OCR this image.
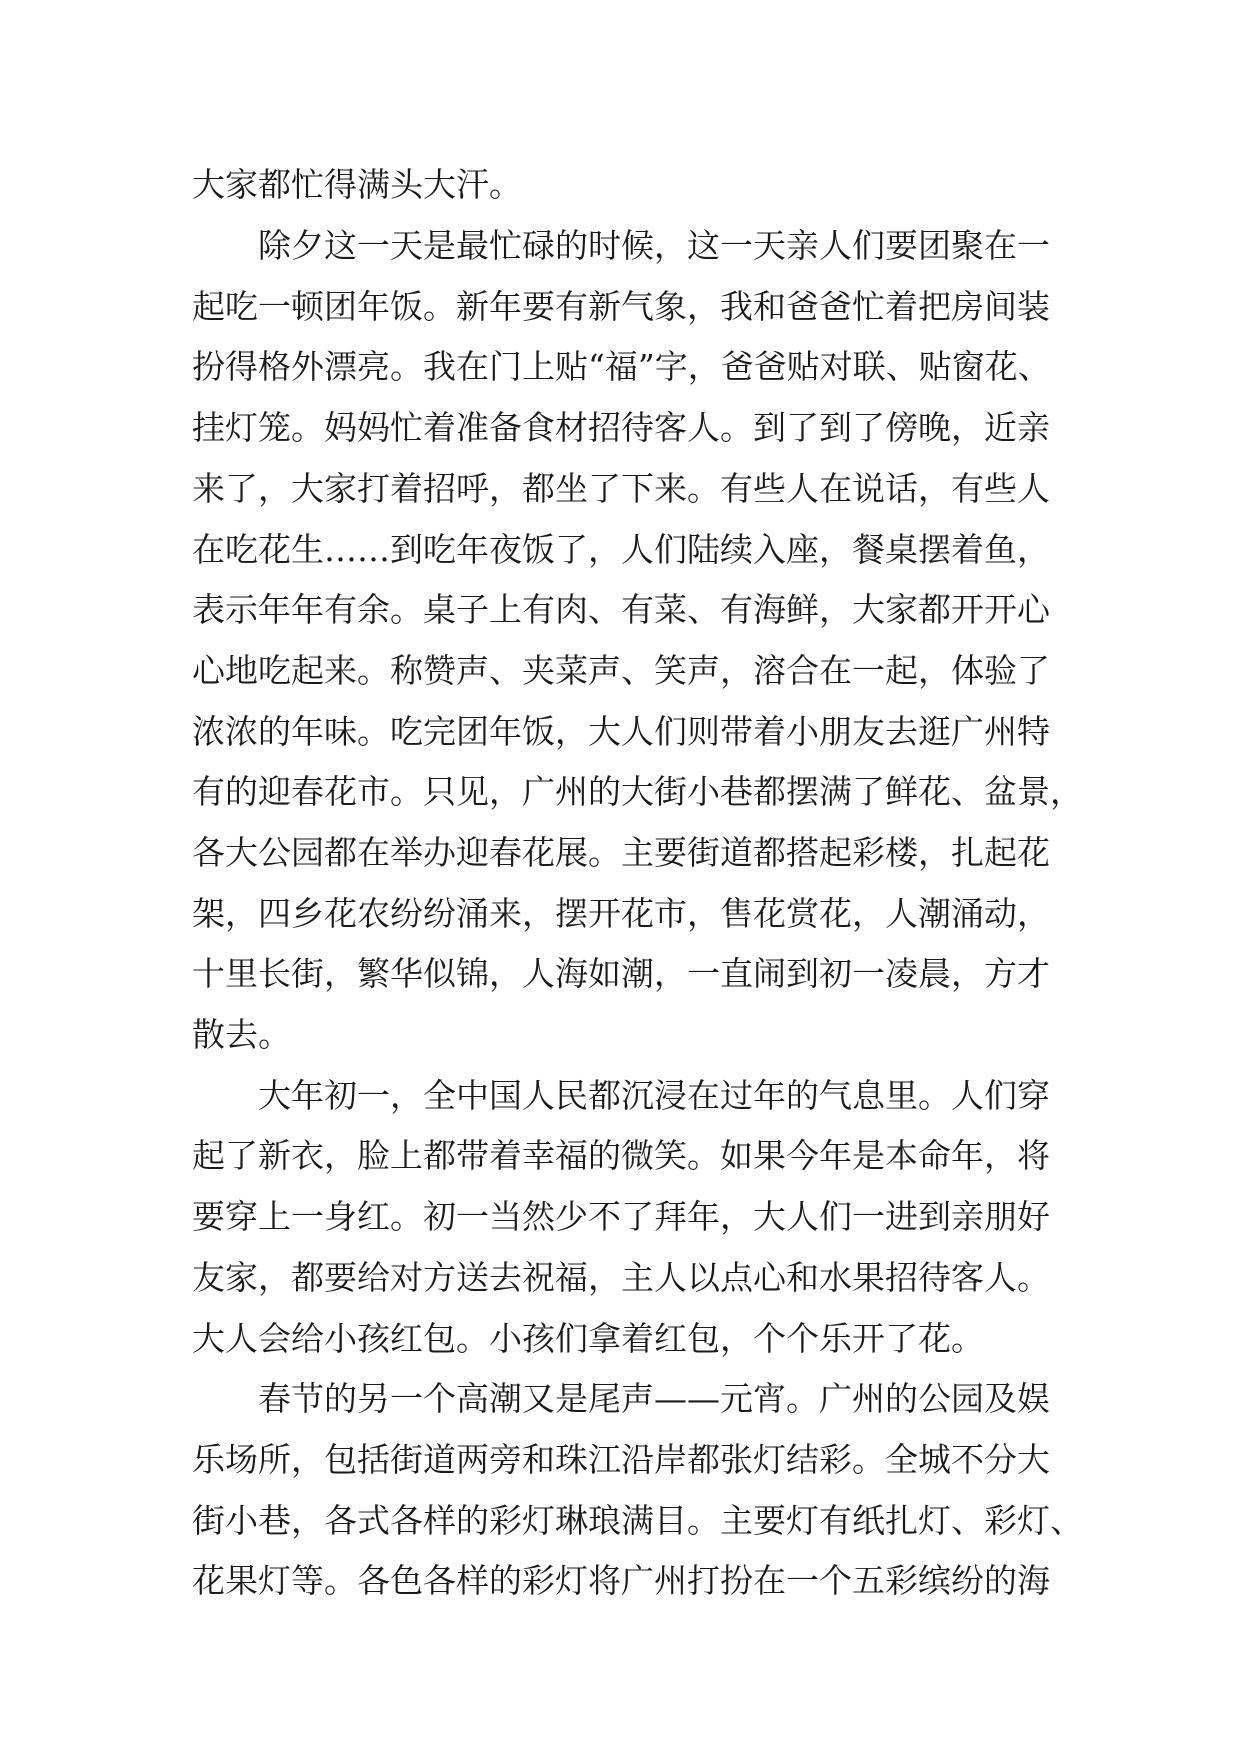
大家都忙得满头大汗。

除夕这一天是最忙碌的时候，这一天亲人们要团聚在一

起吃一顿团年饭。新年要有新气象，我和爸爸忙着把房间装

扮得格外漂亮。我在门上贴“福”字，爸爸贴对联、贴窗花、

挂灯笼。妈妈忙着准备食材招待客人。到了到了傍晚，近亲

来了，大家打着招呼，都坐了下来。有些人在说话，有些人

在吃花生……到吃年夜饭了，人们陆续入座，餐桌摆着鱼，

表示年年有余。桌子上有肉、有菜、有海鲜，大家都开开心

心地吃起来。称赞声、夹菜声、笑声，溶合在一起，体验了

浓浓的年味。吃完团年饭，大人们则带着小朋友去逛广州特

有的迎春花市。只见，广州的大街小巷都摆满了鲜花、盆景，

各大公园都在举办迎春花展。主要街道都搭起彩楼，扎起花

架，四乡花农纷纷涌来，摆开花市，售花赏花，人潮涌动，

十里长街，繁华似锦，人海如潮，一直闹到初一凌晨，方才

散去。

大年初一，全中国人民都沉浸在过年的气息里。人们穿

起了新衣，脸上都带着幸福的微笑。如果今年是本命年，将

要穿上一身红。初一当然少不了拜年，大人们一进到亲朋好

友家，都要给对方送去祝福，主人以点心和水果招待客人。

大人会给小孩红包。小孩们拿着红包，个个乐开了花。

春节的另一个高潮又是尾声——元宵。广州的公园及娱

乐场所，包括街道两旁和珠江沿岸都张灯结彩。全城不分大

街小巷，各式各样的彩灯琳琅满目。主要灯有纸扎灯、彩灯、

花果灯等。各色各样的彩灯将广州打扮在一个五彩缤纷的海
